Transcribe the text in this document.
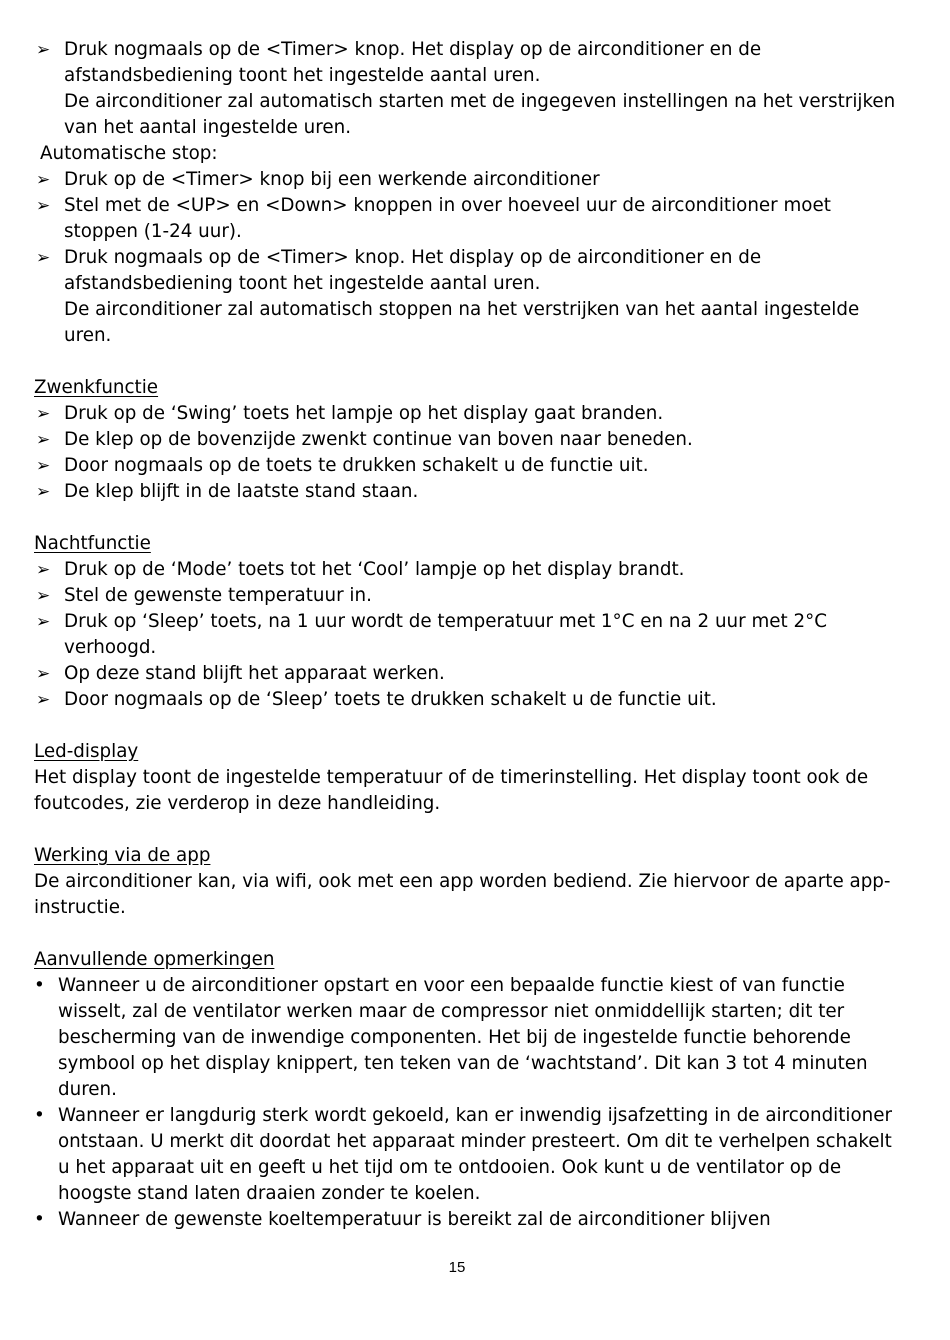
➢ Druk nogmaals op de <Timer> knop. Het display op de airconditioner en de afstandsbediening toont het ingestelde aantal uren.
De airconditioner zal automatisch starten met de ingegeven instellingen na het verstrijken van het aantal ingestelde uren.
Automatische stop:
➢ Druk op de <Timer> knop bij een werkende airconditioner
➢ Stel met de <UP> en <Down> knoppen in over hoeveel uur de airconditioner moet stoppen (1-24 uur).
➢ Druk nogmaals op de <Timer> knop. Het display op de airconditioner en de afstandsbediening toont het ingestelde aantal uren.
De airconditioner zal automatisch stoppen na het verstrijken van het aantal ingestelde uren.
Zwenkfunctie
➢ Druk op de ‘Swing’ toets het lampje op het display gaat branden.
➢ De klep op de bovenzijde zwenkt continue van boven naar beneden.
➢ Door nogmaals op de toets te drukken schakelt u de functie uit.
➢ De klep blijft in de laatste stand staan.
Nachtfunctie
➢ Druk op de ‘Mode’ toets tot het ‘Cool’ lampje op het display brandt.
➢ Stel de gewenste temperatuur in.
➢ Druk op ‘Sleep’ toets, na 1 uur wordt de temperatuur met 1°C en na 2 uur met 2°C verhoogd.
➢ Op deze stand blijft het apparaat werken.
➢ Door nogmaals op de ‘Sleep’ toets te drukken schakelt u de functie uit.
Led-display
Het display toont de ingestelde temperatuur of de timerinstelling. Het display toont ook de foutcodes, zie verderop in deze handleiding.
Werking via de app
De airconditioner kan, via wifi, ook met een app worden bediend. Zie hiervoor de aparte app-instructie.
Aanvullende opmerkingen
• Wanneer u de airconditioner opstart en voor een bepaalde functie kiest of van functie wisselt, zal de ventilator werken maar de compressor niet onmiddellijk starten; dit ter bescherming van de inwendige componenten. Het bij de ingestelde functie behorende symbool op het display knippert, ten teken van de ‘wachtstand’. Dit kan 3 tot 4 minuten duren.
• Wanneer er langdurig sterk wordt gekoeld, kan er inwendig ijsafzetting in de airconditioner ontstaan. U merkt dit doordat het apparaat minder presteert. Om dit te verhelpen schakelt u het apparaat uit en geeft u het tijd om te ontdooien. Ook kunt u de ventilator op de hoogste stand laten draaien zonder te koelen.
• Wanneer de gewenste koeltemperatuur is bereikt zal de airconditioner blijven
15
